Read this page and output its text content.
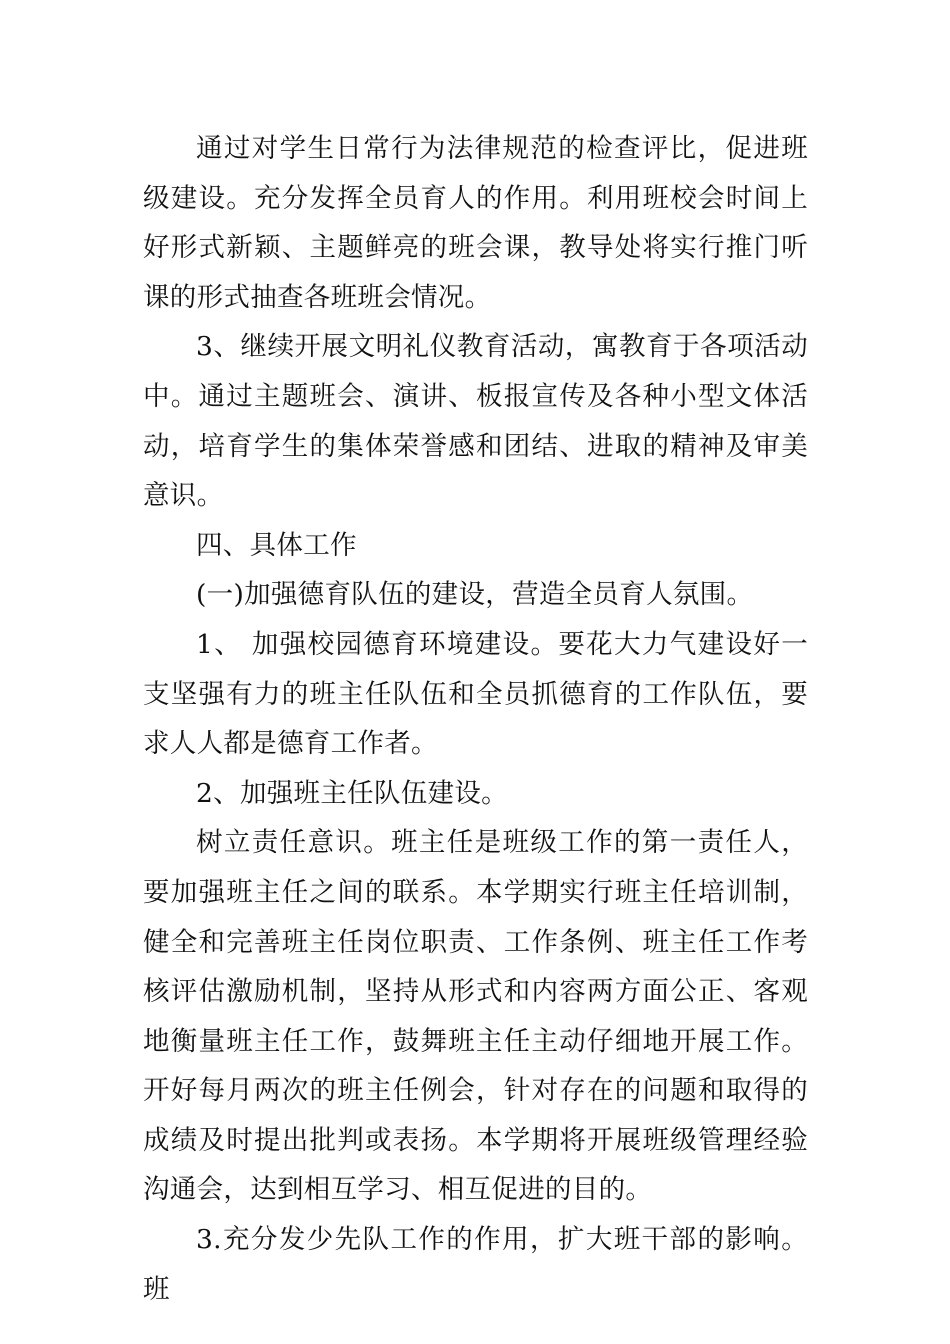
通过对学生日常行为法律规范的检查评比，促进班级建设。充分发挥全员育人的作用。利用班校会时间上好形式新颖、主题鲜亮的班会课，教导处将实行推门听课的形式抽查各班班会情况。

3、继续开展文明礼仪教育活动，寓教育于各项活动中。通过主题班会、演讲、板报宣传及各种小型文体活动，培育学生的集体荣誉感和团结、进取的精神及审美意识。

四、具体工作

(一)加强德育队伍的建设，营造全员育人氛围。

1、 加强校园德育环境建设。要花大力气建设好一支坚强有力的班主任队伍和全员抓德育的工作队伍，要求人人都是德育工作者。

2、加强班主任队伍建设。

树立责任意识。班主任是班级工作的第一责任人，要加强班主任之间的联系。本学期实行班主任培训制，健全和完善班主任岗位职责、工作条例、班主任工作考核评估激励机制，坚持从形式和内容两方面公正、客观地衡量班主任工作，鼓舞班主任主动仔细地开展工作。开好每月两次的班主任例会，针对存在的问题和取得的成绩及时提出批判或表扬。本学期将开展班级管理经验沟通会，达到相互学习、相互促进的目的。

3.充分发少先队工作的作用，扩大班干部的影响。班
